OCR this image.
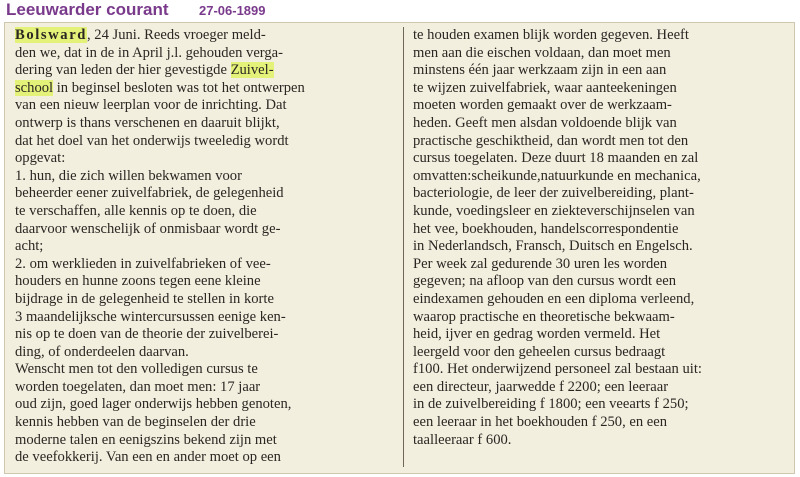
Leeuwarder courant 27-06-1899
Bolsward, 24 Juni. Reeds vroeger meld-
den we, dat in de in April j.l. gehouden verga-
dering van leden der hier gevestigde Zuivel-
school in beginsel besloten was tot het ontwerpen
van een nieuw leerplan voor de inrichting. Dat
ontwerp is thans verschenen en daaruit blijkt,
dat het doel van het onderwijs tweeledig wordt
opgevat:
1. hun, die zich willen bekwamen voor
beheerder eener zuivelfabriek, de gelegenheid
te verschaffen, alle kennis op te doen, die
daarvoor wenschelijk of onmisbaar wordt ge-
acht;
2. om werklieden in zuivelfabrieken of vee-
houders en hunne zoons tegen eene kleine
bijdrage in de gelegenheid te stellen in korte
3 maandelijksche wintercursussen eenige ken-
nis op te doen van de theorie der zuivelberei-
ding, of onderdeelen daarvan.
Wenscht men tot den volledigen cursus te
worden toegelaten, dan moet men: 17 jaar
oud zijn, goed lager onderwijs hebben genoten,
kennis hebben van de beginselen der drie
moderne talen en eenigszins bekend zijn met
de veefokkerij. Van een en ander moet op een
te houden examen blijk worden gegeven. Heeft
men aan die eischen voldaan, dan moet men
minstens één jaar werkzaam zijn in een aan
te wijzen zuivelfabriek, waar aanteekeningen
moeten worden gemaakt over de werkzaam-
heden. Geeft men alsdan voldoende blijk van
practische geschiktheid, dan wordt men tot den
cursus toegelaten. Deze duurt 18 maanden en zal
omvatten:scheikunde,natuurkunde en mechanica,
bacteriologie, de leer der zuivelbereiding, plant-
kunde, voedingsleer en ziekteverschijnselen van
het vee, boekhouden, handelscorrespondentie
in Nederlandsch, Fransch, Duitsch en Engelsch.
Per week zal gedurende 30 uren les worden
gegeven; na afloop van den cursus wordt een
eindexamen gehouden en een diploma verleend,
waarop practische en theoretische bekwaam-
heid, ijver en gedrag worden vermeld. Het
leergeld voor den geheelen cursus bedraagt
f100. Het onderwijzend personeel zal bestaan uit:
een directeur, jaarwedde f 2200; een leeraar
in de zuivelbereiding f 1800; een veearts f 250;
een leeraar in het boekhouden f 250, en een
taalleeraar f 600.
